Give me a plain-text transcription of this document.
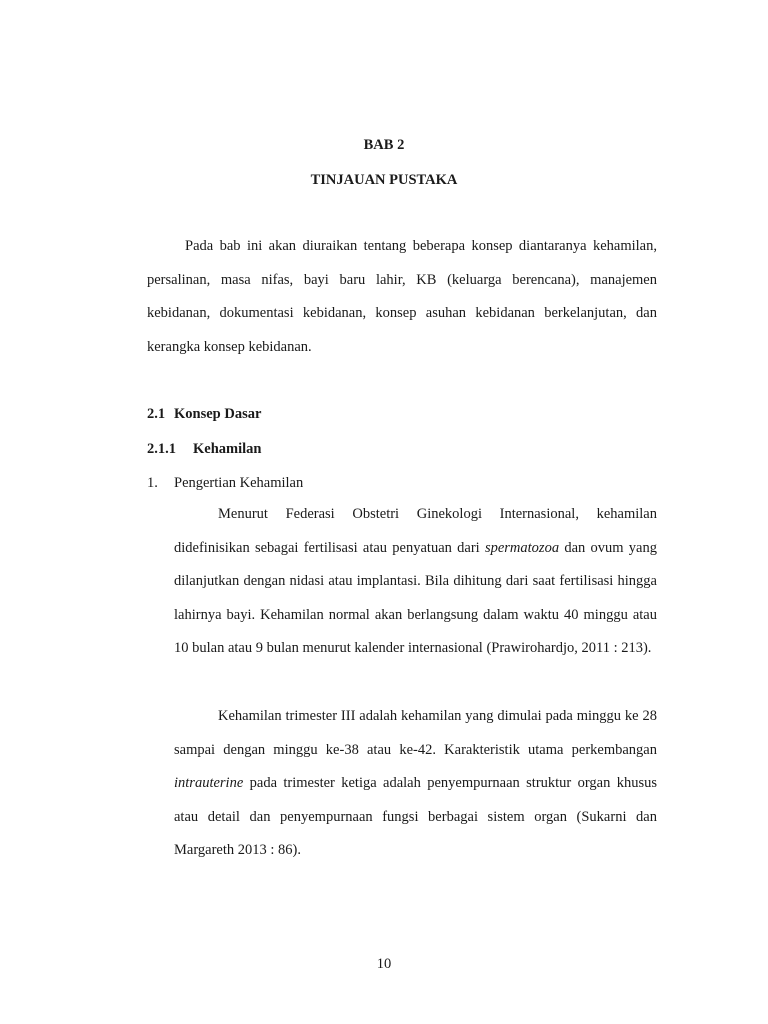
BAB 2
TINJAUAN PUSTAKA

Pada bab ini akan diuraikan tentang beberapa konsep diantaranya kehamilan, persalinan, masa nifas, bayi baru lahir, KB (keluarga berencana), manajemen kebidanan, dokumentasi kebidanan, konsep asuhan kebidanan berkelanjutan, dan kerangka konsep kebidanan.

2.1 Konsep Dasar
2.1.1 Kehamilan
1. Pengertian Kehamilan

Menurut Federasi Obstetri Ginekologi Internasional, kehamilan didefinisikan sebagai fertilisasi atau penyatuan dari spermatozoa dan ovum yang dilanjutkan dengan nidasi atau implantasi. Bila dihitung dari saat fertilisasi hingga lahirnya bayi. Kehamilan normal akan berlangsung dalam waktu 40 minggu atau 10 bulan atau 9 bulan menurut kalender internasional (Prawirohardjo, 2011 : 213).

Kehamilan trimester III adalah kehamilan yang dimulai pada minggu ke 28 sampai dengan minggu ke-38 atau ke-42. Karakteristik utama perkembangan intrauterine pada trimester ketiga adalah penyempurnaan struktur organ khusus atau detail dan penyempurnaan fungsi berbagai sistem organ (Sukarni dan Margareth 2013 : 86).

10
